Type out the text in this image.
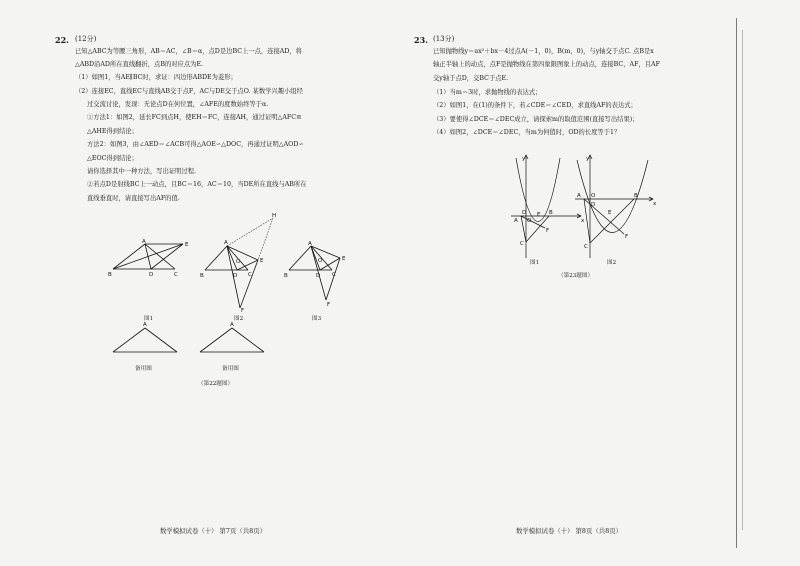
22. (12分)
已知△ABC为等腰三角形，AB＝AC，∠B＝α，点D是边BC上一点，连接AD，将
△ABD沿AD所在直线翻折，点B的对应点为E.
（1）如图1，当AE∥BC时，求证：四边形ABDE为菱形；
（2）连接EC，直线EC与直线AB交于点F，AC与DE交于点O. 某数学兴趣小组经
过交流讨论，发现：无论点D在何位置，∠AFE的度数始终等于α.
①方法1：如图2，延长FC到点H，使EH＝FC，连接AH，通过证明△AFC≌
△AHE得到结论；
方法2：如图3，由∠AED＝∠ACB可得△AOE∽△DOC，再通过证明△AOD∽
△EOC得到结论；
请你选择其中一种方法，写出证明过程.
②若点D是射线BC上一动点，且BC＝16，AC＝10，当DE所在直线与AB所在
直线垂直时，请直接写出AF的值.
A	E
B	D	C
图1
H
A
O	E
B	D C
F
图2
A
O	E
B	D C
F
图3
A
备用图
A
备用图
（第22题图）
数学模拟试卷（十） 第7页（共8页）
23. (13分)
已知抛物线y＝ax²＋bx－4过点A(－1，0)，B(m，0)，与y轴交于点C. 点B是x
轴正半轴上的动点，点F是抛物线在第四象限图象上的动点，连接BC，AF，且AF
交y轴于点D，交BC于点E.
（1）当m＝3时，求抛物线的表达式；
（2）如图1，在(1)的条件下，若∠CDE＝∠CED，求直线AF的表达式；
（3）要使得∠DCE＝∠DEC成立，请探索m的取值范围(直接写出结果)；
（4）如图2，∠DCE＝∠DEC，当m为何值时，OD的长度等于1？
y
x
A O
D E B
F
C
图1
y
x
A O
D
E
B
F
C
图2
（第23题图）
数学模拟试卷（十） 第8页（共8页）
